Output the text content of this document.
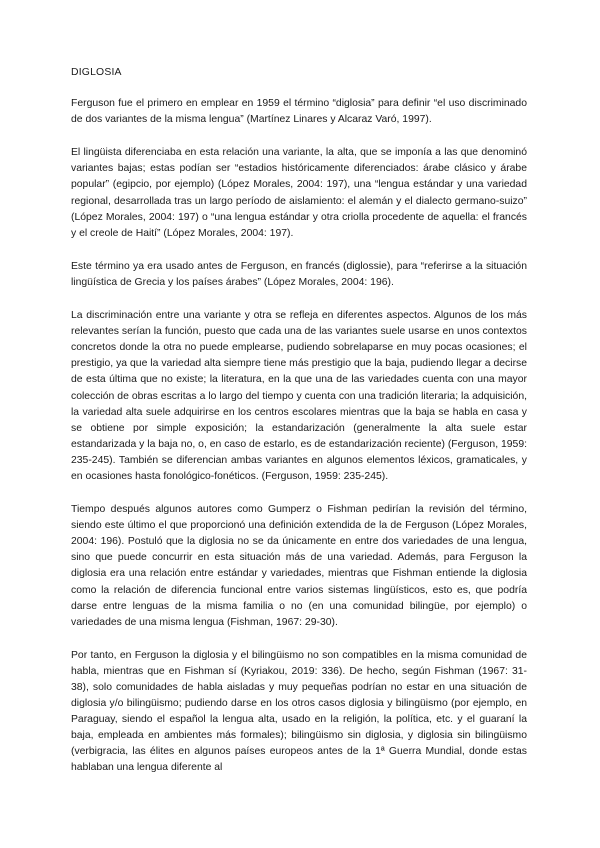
DIGLOSIA

Ferguson fue el primero en emplear en 1959 el término “diglosia” para definir “el uso discriminado de dos variantes de la misma lengua” (Martínez Linares y Alcaraz Varó, 1997).

El lingüista diferenciaba en esta relación una variante, la alta, que se imponía a las que denominó variantes bajas; estas podían ser “estadios históricamente diferenciados: árabe clásico y árabe popular” (egipcio, por ejemplo) (López Morales, 2004: 197), una “lengua estándar y una variedad regional, desarrollada tras un largo período de aislamiento: el alemán y el dialecto germano-suizo” (López Morales, 2004: 197) o “una lengua estándar y otra criolla procedente de aquella: el francés y el creole de Haití” (López Morales, 2004: 197).

Este término ya era usado antes de Ferguson, en francés (diglossie), para “referirse a la situación lingüística de Grecia y los países árabes” (López Morales, 2004: 196).

La discriminación entre una variante y otra se refleja en diferentes aspectos. Algunos de los más relevantes serían la función, puesto que cada una de las variantes suele usarse en unos contextos concretos donde la otra no puede emplearse, pudiendo sobrelaparse en muy pocas ocasiones; el prestigio, ya que la variedad alta siempre tiene más prestigio que la baja, pudiendo llegar a decirse de esta última que no existe; la literatura, en la que una de las variedades cuenta con una mayor colección de obras escritas a lo largo del tiempo y cuenta con una tradición literaria; la adquisición, la variedad alta suele adquirirse en los centros escolares mientras que la baja se habla en casa y se obtiene por simple exposición; la estandarización (generalmente la alta suele estar estandarizada y la baja no, o, en caso de estarlo, es de estandarización reciente) (Ferguson, 1959: 235-245). También se diferencian ambas variantes en algunos elementos léxicos, gramaticales, y en ocasiones hasta fonológico-fonéticos. (Ferguson, 1959: 235-245).

Tiempo después algunos autores como Gumperz o Fishman pedirían la revisión del término, siendo este último el que proporcionó una definición extendida de la de Ferguson (López Morales, 2004: 196). Postuló que la diglosia no se da únicamente en entre dos variedades de una lengua, sino que puede concurrir en esta situación más de una variedad. Además, para Ferguson la diglosia era una relación entre estándar y variedades, mientras que Fishman entiende la diglosia como la relación de diferencia funcional entre varios sistemas lingüísticos, esto es, que podría darse entre lenguas de la misma familia o no (en una comunidad bilingüe, por ejemplo) o variedades de una misma lengua (Fishman, 1967: 29-30).

Por tanto, en Ferguson la diglosia y el bilingüismo no son compatibles en la misma comunidad de habla, mientras que en Fishman sí (Kyriakou, 2019: 336). De hecho, según Fishman (1967: 31-38), solo comunidades de habla aisladas y muy pequeñas podrían no estar en una situación de diglosia y/o bilingüismo; pudiendo darse en los otros casos diglosia y bilingüismo (por ejemplo, en Paraguay, siendo el español la lengua alta, usado en la religión, la política, etc. y el guaraní la baja, empleada en ambientes más formales); bilingüismo sin diglosia, y diglosia sin bilingüismo (verbigracia, las élites en algunos países europeos antes de la 1ª Guerra Mundial, donde estas hablaban una lengua diferente al
